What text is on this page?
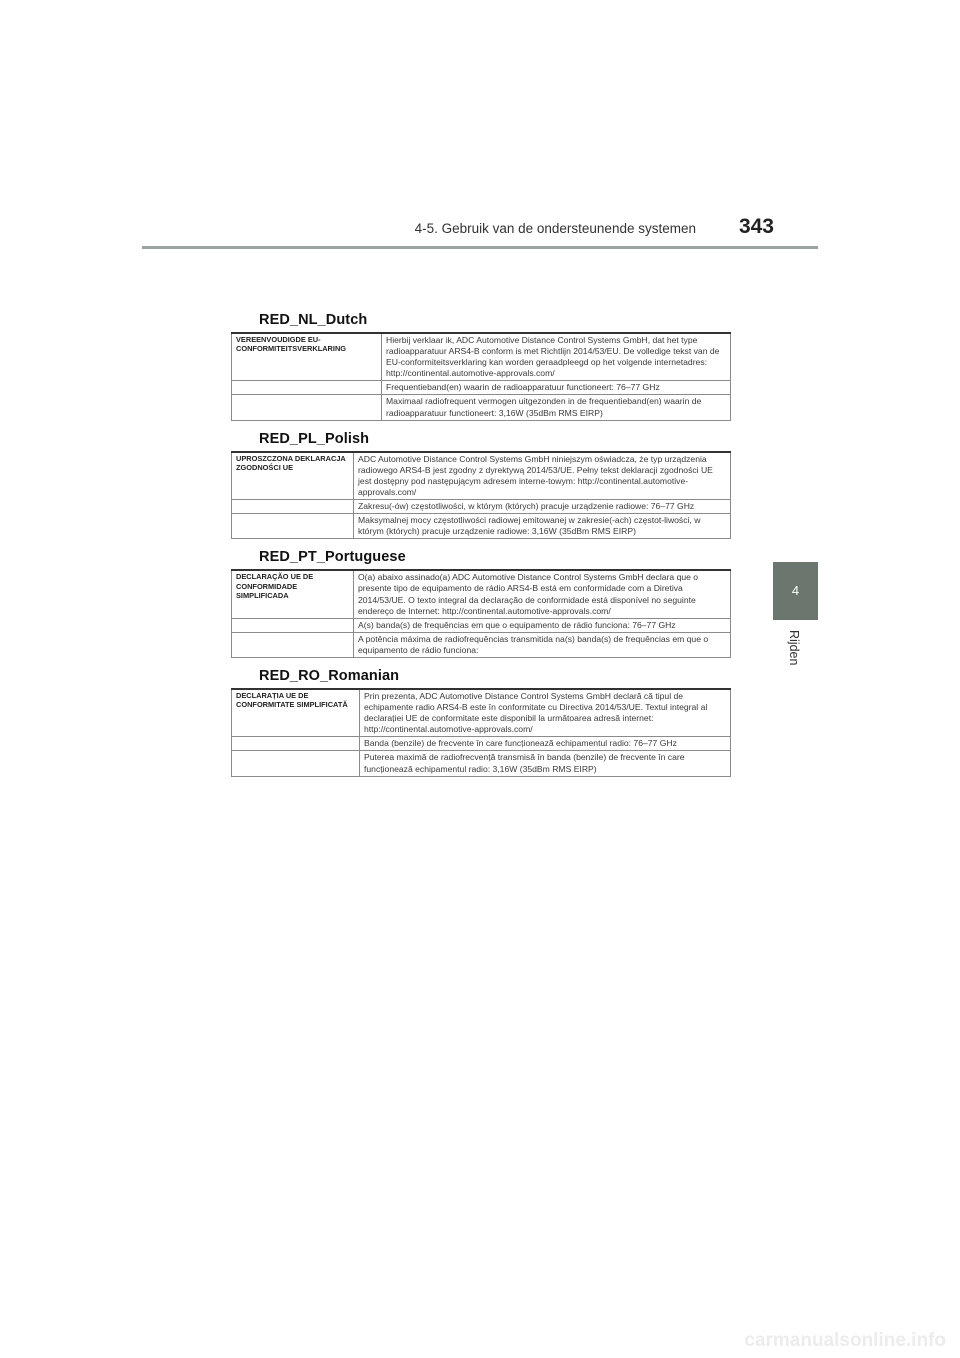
4-5. Gebruik van de ondersteunende systemen 343
4
Rijden
RED_NL_Dutch
VEREENVOUDIGDE EU-CONFORMITEITSVERKLARING	Hierbij verklaar ik, ADC Automotive Distance Control Systems GmbH, dat het type radioapparatuur ARS4-B conform is met Richtlijn 2014/53/EU. De volledige tekst van de EU-conformiteitsverklaring kan worden geraadpleegd op het volgende internetadres: http://continental.automotive-approvals.com/
	Frequentieband(en) waarin de radioapparatuur functioneert: 76–77 GHz
	Maximaal radiofrequent vermogen uitgezonden in de frequentieband(en) waarin de radioapparatuur functioneert: 3,16W (35dBm RMS EIRP)
RED_PL_Polish
UPROSZCZONA DEKLARACJA ZGODNOŚCI UE	ADC Automotive Distance Control Systems GmbH niniejszym oświadcza, że typ urządzenia radiowego ARS4-B jest zgodny z dyrektywą 2014/53/UE. Pełny tekst deklaracji zgodności UE jest dostępny pod następującym adresem interne-towym: http://continental.automotive-approvals.com/
	Zakresu(-ów) częstotliwości, w którym (których) pracuje urządzenie radiowe: 76–77 GHz
	Maksymalnej mocy częstotliwości radiowej emitowanej w zakresie(-ach) częstot-liwości, w którym (których) pracuje urządzenie radiowe: 3,16W (35dBm RMS EIRP)
RED_PT_Portuguese
DECLARAÇÃO UE DE CONFORMIDADE SIMPLIFICADA	O(a) abaixo assinado(a) ADC Automotive Distance Control Systems GmbH declara que o presente tipo de equipamento de rádio ARS4-B está em conformidade com a Diretiva 2014/53/UE. O texto integral da declaração de conformidade está disponível no seguinte endereço de Internet: http://continental.automotive-approvals.com/
	A(s) banda(s) de frequências em que o equipamento de rádio funciona: 76–77 GHz
	A potência máxima de radiofrequências transmitida na(s) banda(s) de frequências em que o equipamento de rádio funciona:
RED_RO_Romanian
DECLARAȚIA UE DE CONFORMITATE SIMPLIFICATĂ	Prin prezenta, ADC Automotive Distance Control Systems GmbH declară că tipul de echipamente radio ARS4-B este în conformitate cu Directiva 2014/53/UE. Textul integral al declarației UE de conformitate este disponibil la următoarea adresă internet: http://continental.automotive-approvals.com/
	Banda (benzile) de frecvente în care funcționează echipamentul radio: 76–77 GHz
	Puterea maximă de radiofrecvență transmisă în banda (benzile) de frecvente în care funcționează echipamentul radio: 3,16W (35dBm RMS EIRP)
carmanualsonline.info
